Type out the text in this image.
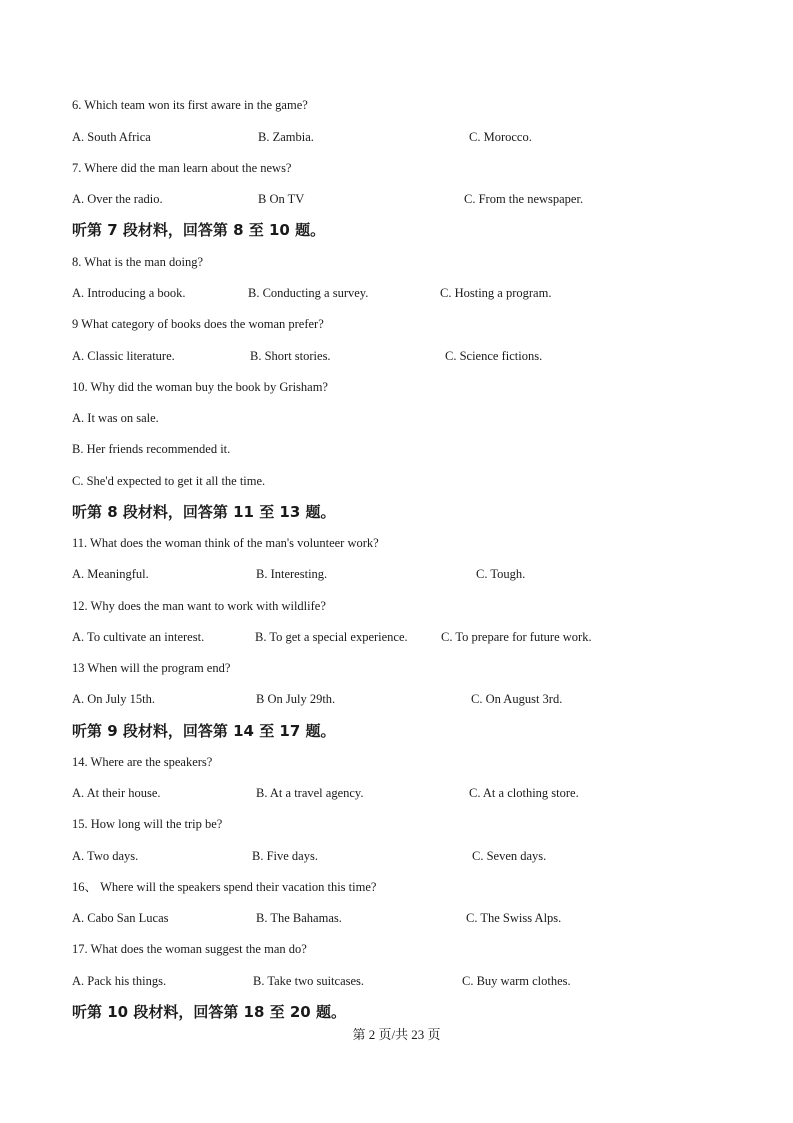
6. Which team won its first aware in the game?
A. South Africa	B. Zambia.	C. Morocco.
7. Where did the man learn about the news?
A. Over the radio.	B On TV	C. From the newspaper.
听第 7 段材料，回答第 8 至 10 题。
8. What is the man doing?
A. Introducing a book.	B. Conducting a survey.	C. Hosting a program.
9 What category of books does the woman prefer?
A. Classic literature.	B. Short stories.	C. Science fictions.
10. Why did the woman buy the book by Grisham?
A. It was on sale.
B. Her friends recommended it.
C. She'd expected to get it all the time.
听第 8 段材料，回答第 11 至 13 题。
11. What does the woman think of the man's volunteer work?
A. Meaningful.	B. Interesting.	C. Tough.
12. Why does the man want to work with wildlife?
A. To cultivate an interest.	B. To get a special experience.	C. To prepare for future work.
13 When will the program end?
A. On July 15th.	B On July 29th.	C. On August 3rd.
听第 9 段材料，回答第 14 至 17 题。
14. Where are the speakers?
A. At their house.	B. At a travel agency.	C. At a clothing store.
15. How long will the trip be?
A. Two days.	B. Five days.	C. Seven days.
16、 Where will the speakers spend their vacation this time?
A. Cabo San Lucas	B. The Bahamas.	C. The Swiss Alps.
17. What does the woman suggest the man do?
A. Pack his things.	B. Take two suitcases.	C. Buy warm clothes.
听第 10 段材料，回答第 18 至 20 题。
第 2 页/共 23 页
